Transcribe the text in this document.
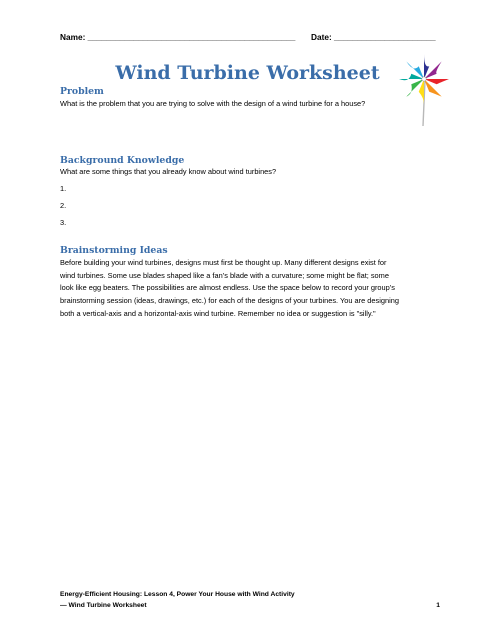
Name: _____________________________________________ Date: ______________________
Wind Turbine Worksheet
Problem

What is the problem that you are trying to solve with the design of a wind turbine for a house?

Background Knowledge

What are some things that you already know about wind turbines?

1.

2.

3.

Brainstorming Ideas
Before building your wind turbines, designs must first be thought up. Many different designs exist for
wind turbines. Some use blades shaped like a fan’s blade with a curvature; some might be flat; some
look like egg beaters. The possibilities are almost endless. Use the space below to record your group’s
brainstorming session (ideas, drawings, etc.) for each of the designs of your turbines. You are designing
both a vertical-axis and a horizontal-axis wind turbine. Remember no idea or suggestion is "silly."
Energy-Efficient Housing: Lesson 4, Power Your House with Wind Activity
— Wind Turbine Worksheet	1
